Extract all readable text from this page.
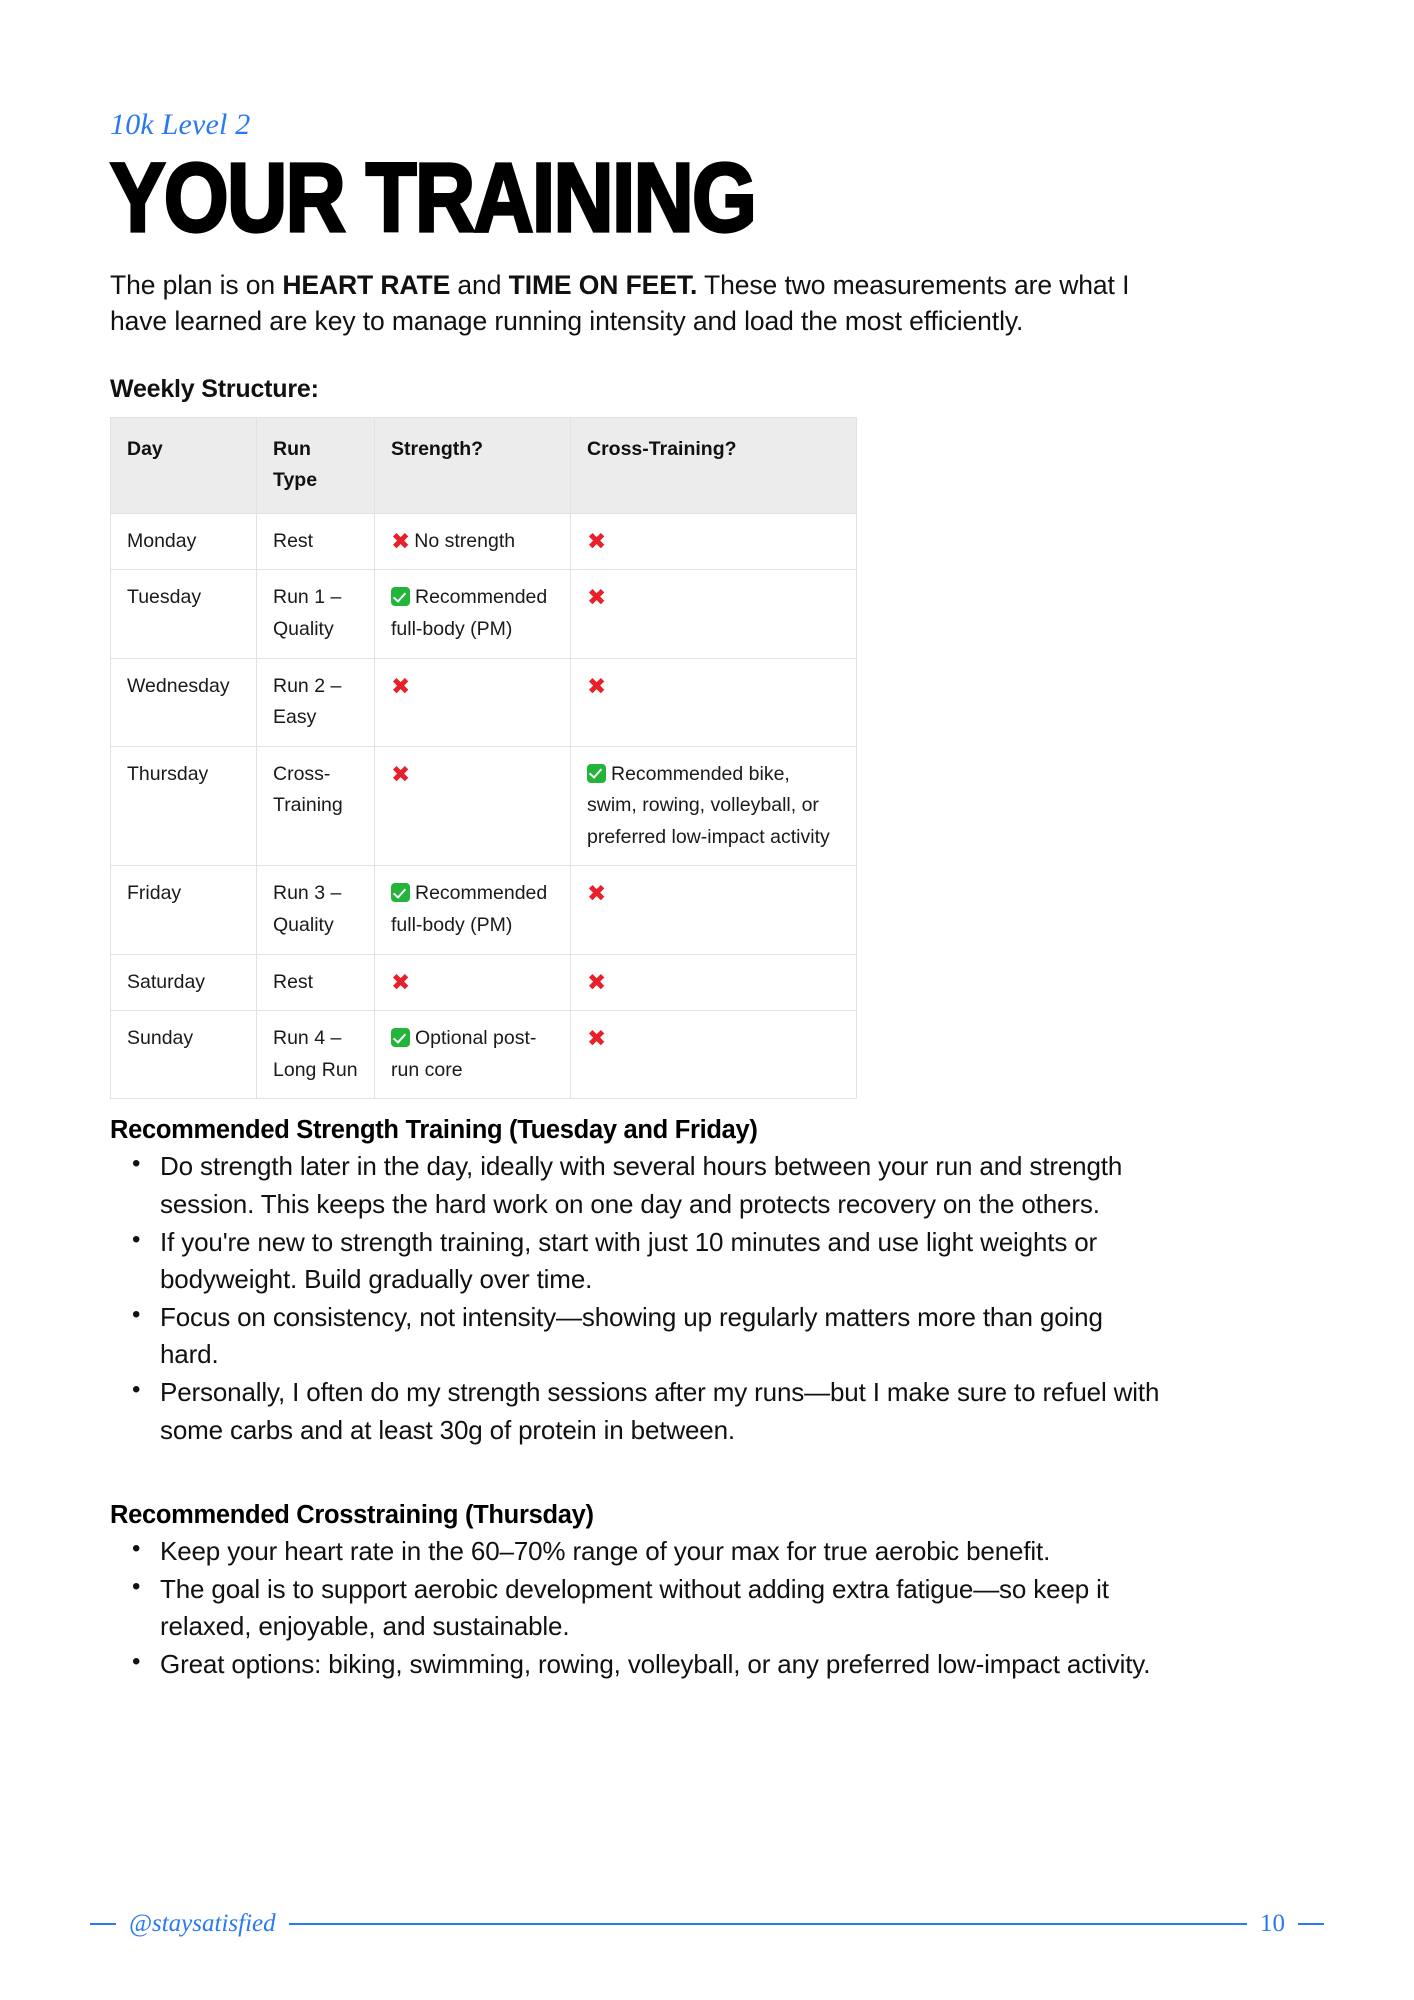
10k Level 2
YOUR TRAINING

The plan is on HEART RATE and TIME ON FEET. These two measurements are what I have learned are key to manage running intensity and load the most efficiently.

Weekly Structure:
Day	Run Type	Strength?	Cross-Training?
Monday	Rest	✖ No strength	✖
Tuesday	Run 1 – Quality	Recommended full-body (PM)	✖
Wednesday	Run 2 – Easy	✖	✖
Thursday	Cross-Training	✖	Recommended bike, swim, rowing, volleyball, or preferred low-impact activity
Friday	Run 3 – Quality	Recommended full-body (PM)	✖
Saturday	Rest	✖	✖
Sunday	Run 4 – Long Run	Optional post-run core	✖
Recommended Strength Training (Tuesday and Friday)
• Do strength later in the day, ideally with several hours between your run and strength session. This keeps the hard work on one day and protects recovery on the others.
• If you're new to strength training, start with just 10 minutes and use light weights or bodyweight. Build gradually over time.
• Focus on consistency, not intensity—showing up regularly matters more than going hard.
• Personally, I often do my strength sessions after my runs—but I make sure to refuel with some carbs and at least 30g of protein in between.
Recommended Crosstraining (Thursday)
• Keep your heart rate in the 60–70% range of your max for true aerobic benefit.
• The goal is to support aerobic development without adding extra fatigue—so keep it relaxed, enjoyable, and sustainable.
• Great options: biking, swimming, rowing, volleyball, or any preferred low-impact activity.
@staysatisfied	10
